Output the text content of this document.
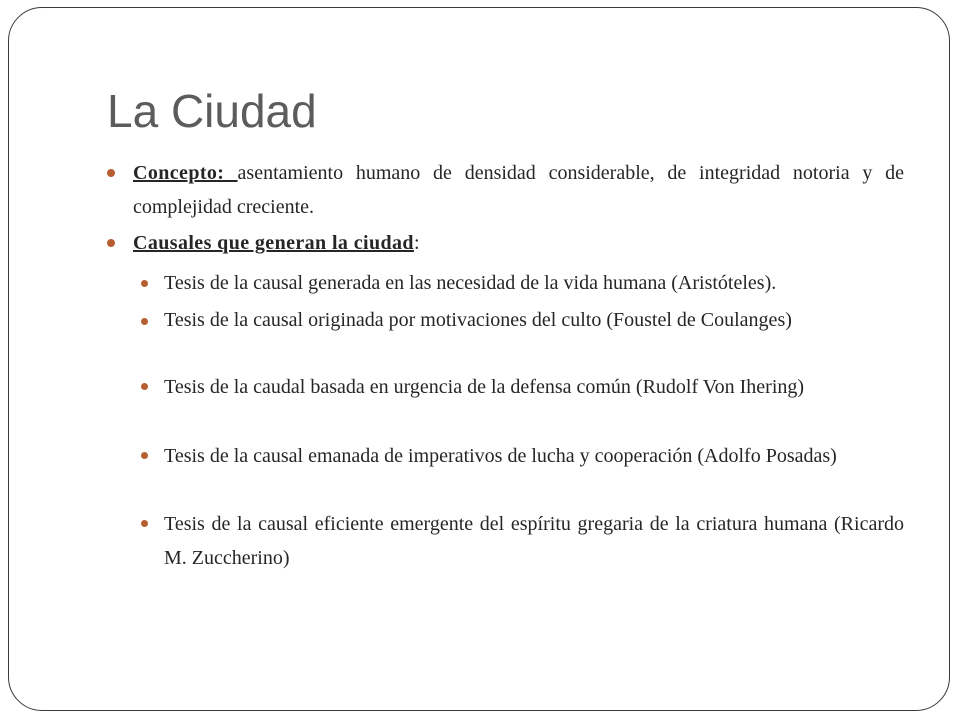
La Ciudad

Concepto: asentamiento humano de densidad considerable, de integridad notoria y de complejidad creciente.

Causales que generan la ciudad:

Tesis de la causal generada en las necesidad de la vida humana (Aristóteles).

Tesis de la causal originada por motivaciones del culto (Foustel de Coulanges)

Tesis de la caudal basada en urgencia de la defensa común (Rudolf Von Ihering)

Tesis de la causal emanada de imperativos de lucha y cooperación (Adolfo Posadas)

Tesis de la causal eficiente emergente del espíritu gregaria de la criatura humana (Ricardo M. Zuccherino)
